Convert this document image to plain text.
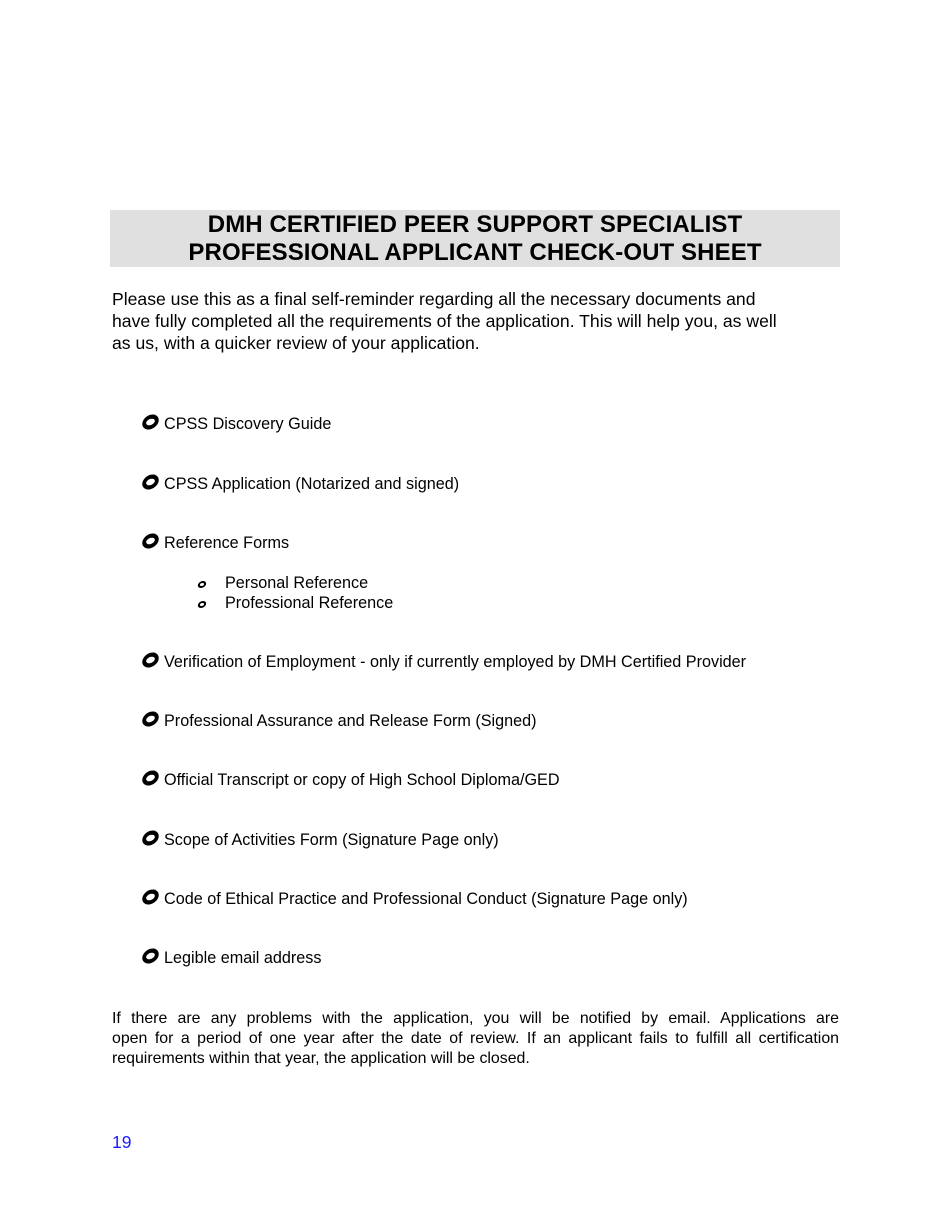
DMH CERTIFIED PEER SUPPORT SPECIALIST
PROFESSIONAL APPLICANT CHECK-OUT SHEET
Please use this as a final self-reminder regarding all the necessary documents and
have fully completed all the requirements of the application. This will help you, as well
as us, with a quicker review of your application.
CPSS Discovery Guide
CPSS Application (Notarized and signed)
Reference Forms
Personal Reference
Professional Reference
Verification of Employment - only if currently employed by DMH Certified Provider
Professional Assurance and Release Form (Signed)
Official Transcript or copy of High School Diploma/GED
Scope of Activities Form (Signature Page only)
Code of Ethical Practice and Professional Conduct (Signature Page only)
Legible email address
If there are any problems with the application, you will be notified by email. Applications are
open for a period of one year after the date of review. If an applicant fails to fulfill all certification
requirements within that year, the application will be closed.
19
